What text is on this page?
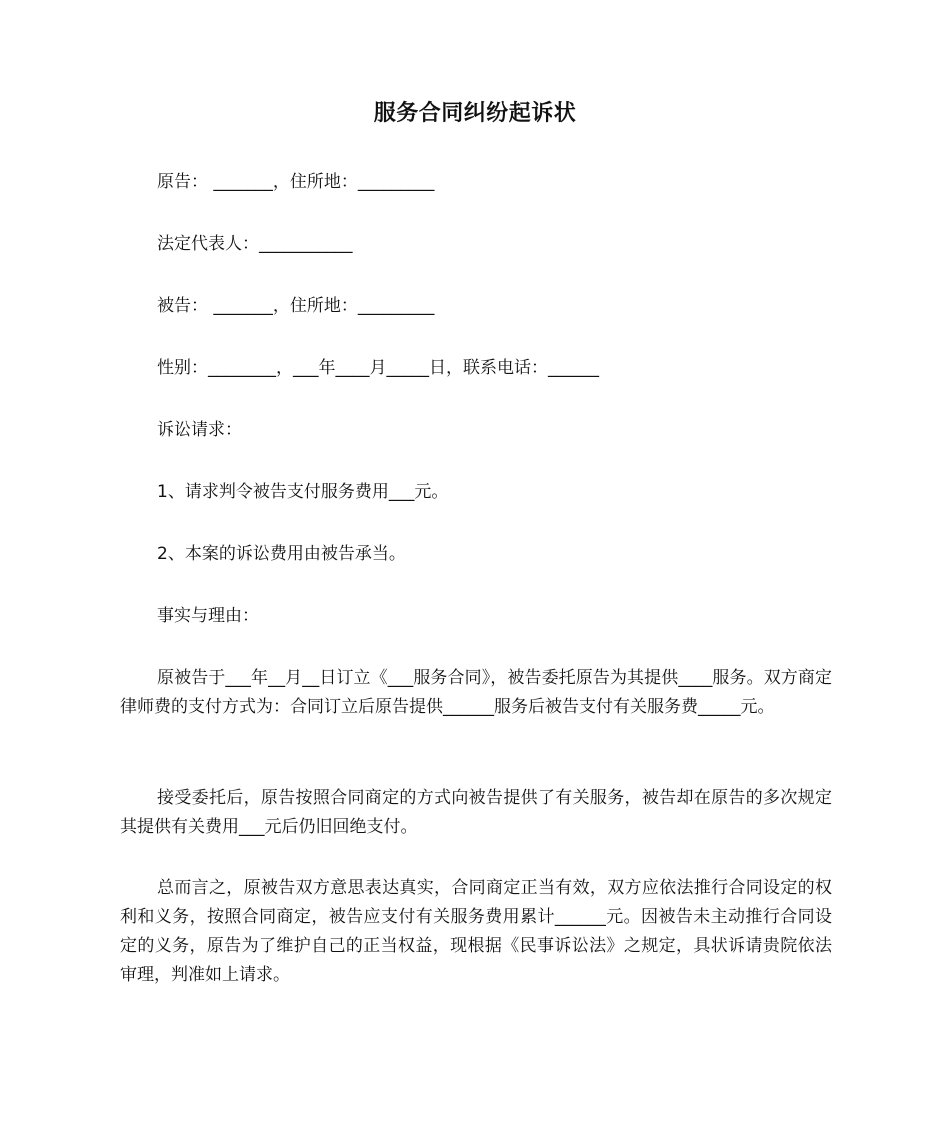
服务合同纠纷起诉状
原告： _______，住所地：_________
法定代表人：___________
被告： _______，住所地：_________
性别：________，___年____月_____日，联系电话：______
诉讼请求：
1、请求判令被告支付服务费用___元。
2、本案的诉讼费用由被告承当。
事实与理由：
原被告于___年__月__日订立《___服务合同》，被告委托原告为其提供____服务。双方商定律师费的支付方式为：合同订立后原告提供______服务后被告支付有关服务费_____元。
接受委托后，原告按照合同商定的方式向被告提供了有关服务，被告却在原告的多次规定其提供有关费用___元后仍旧回绝支付。
总而言之，原被告双方意思表达真实，合同商定正当有效，双方应依法推行合同设定的权利和义务，按照合同商定，被告应支付有关服务费用累计______元。因被告未主动推行合同设定的义务，原告为了维护自己的正当权益，现根据《民事诉讼法》之规定，具状诉请贵院依法审理，判准如上请求。
